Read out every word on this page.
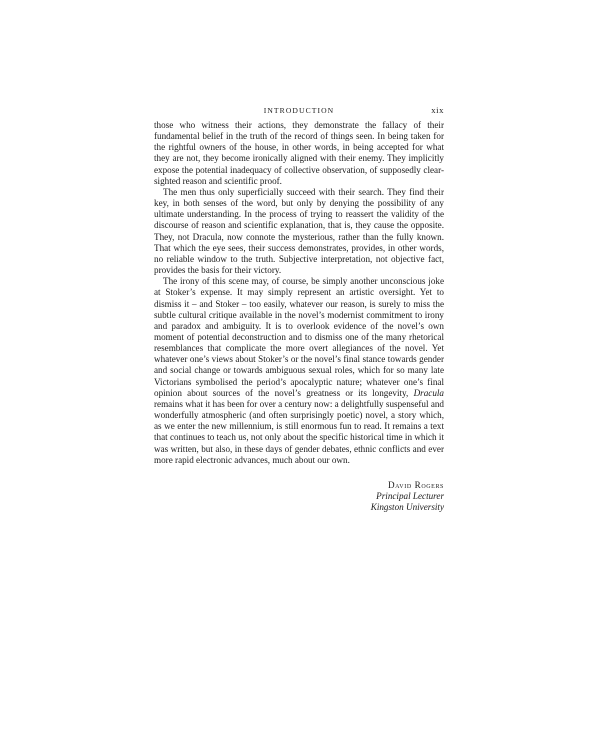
INTRODUCTION	xix

those who witness their actions, they demonstrate the fallacy of their fundamental belief in the truth of the record of things seen. In being taken for the rightful owners of the house, in other words, in being accepted for what they are not, they become ironically aligned with their enemy. They implicitly expose the potential inadequacy of collective observation, of supposedly clear-sighted reason and scientific proof.

The men thus only superficially succeed with their search. They find their key, in both senses of the word, but only by denying the possibility of any ultimate understanding. In the process of trying to reassert the validity of the discourse of reason and scientific explanation, that is, they cause the opposite. They, not Dracula, now connote the mysterious, rather than the fully known. That which the eye sees, their success demonstrates, provides, in other words, no reliable window to the truth. Subjective interpretation, not objective fact, provides the basis for their victory.

The irony of this scene may, of course, be simply another unconscious joke at Stoker’s expense. It may simply represent an artistic oversight. Yet to dismiss it – and Stoker – too easily, whatever our reason, is surely to miss the subtle cultural critique available in the novel’s modernist commitment to irony and paradox and ambiguity. It is to overlook evidence of the novel’s own moment of potential deconstruction and to dismiss one of the many rhetorical resemblances that complicate the more overt allegiances of the novel. Yet whatever one’s views about Stoker’s or the novel’s final stance towards gender and social change or towards ambiguous sexual roles, which for so many late Victorians symbolised the period’s apocalyptic nature; whatever one’s final opinion about sources of the novel’s greatness or its longevity, Dracula remains what it has been for over a century now: a delightfully suspenseful and wonderfully atmospheric (and often surprisingly poetic) novel, a story which, as we enter the new millennium, is still enormous fun to read. It remains a text that continues to teach us, not only about the specific historical time in which it was written, but also, in these days of gender debates, ethnic conflicts and ever more rapid electronic advances, much about our own.

David Rogers
Principal Lecturer
Kingston University
